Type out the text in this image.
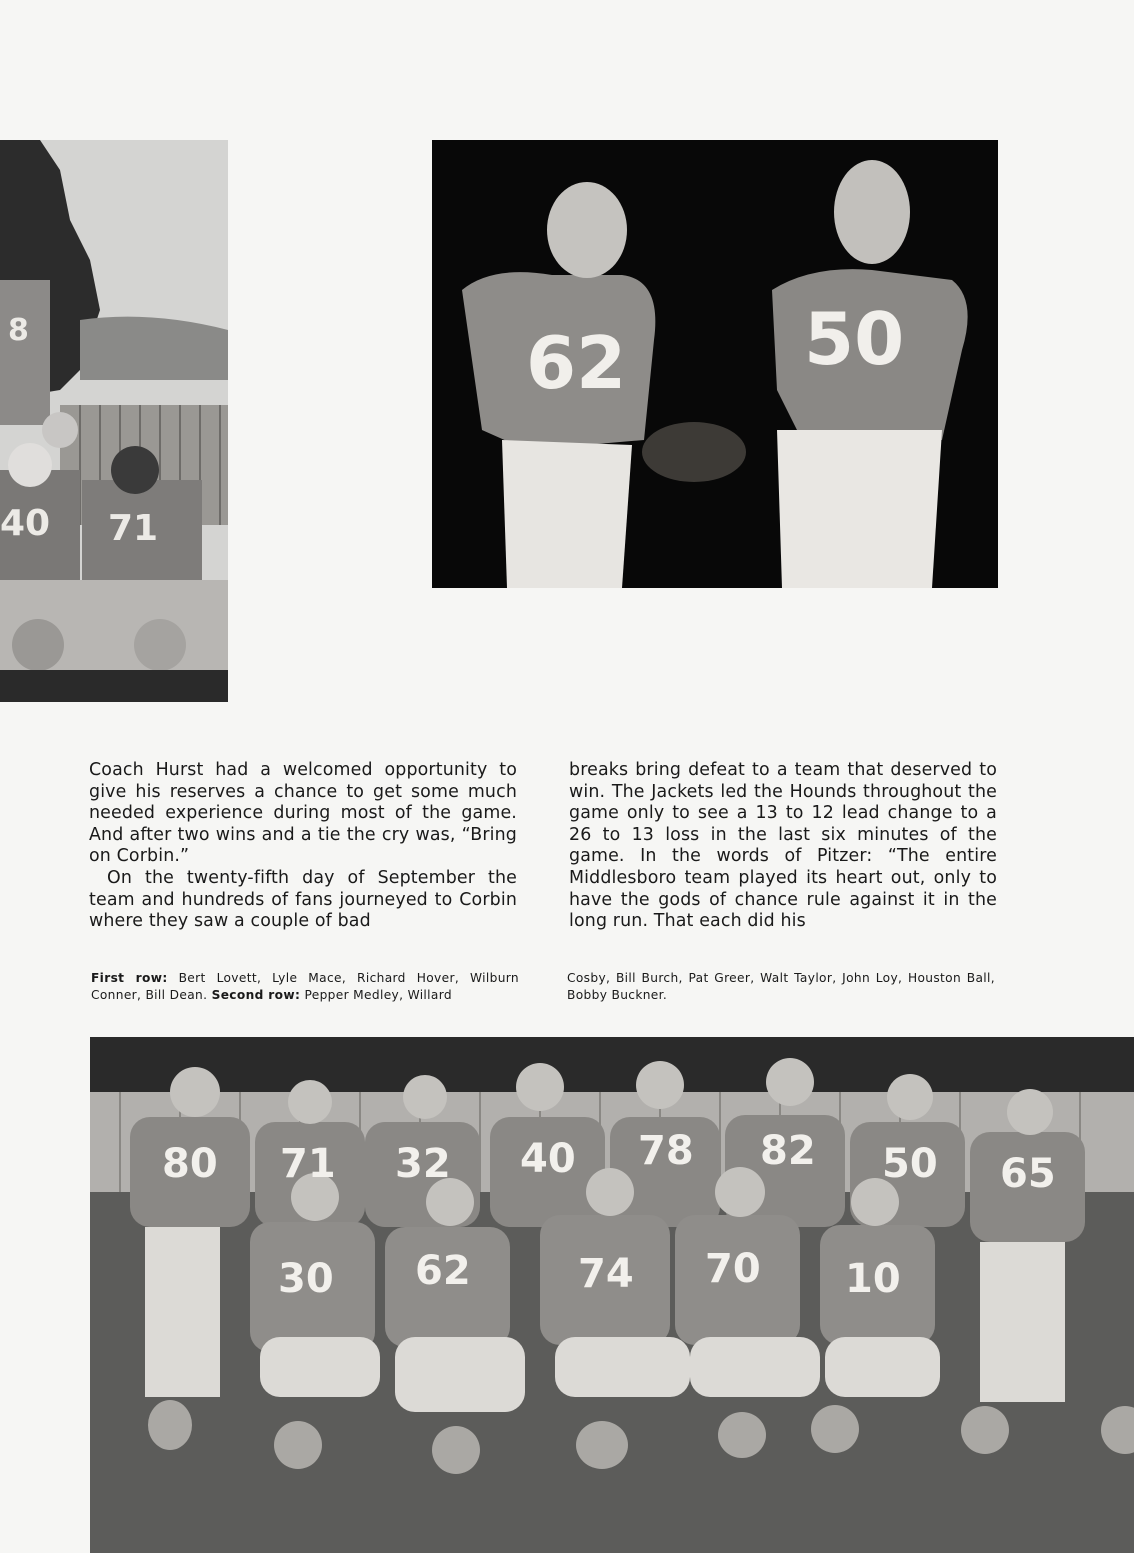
8
40 71
62 50

Coach Hurst had a welcomed opportunity to give his reserves a chance to get some much needed experience during most of the game. And after two wins and a tie the cry was, “Bring on Corbin.”

On the twenty-fifth day of September the team and hundreds of fans journeyed to Corbin where they saw a couple of bad

breaks bring defeat to a team that deserved to win. The Jackets led the Hounds throughout the game only to see a 13 to 12 lead change to a 26 to 13 loss in the last six minutes of the game. In the words of Pitzer: “The entire Middlesboro team played its heart out, only to have the gods of chance rule against it in the long run. That each did his

First row: Bert Lovett, Lyle Mace, Richard Hover, Wilburn Conner, Bill Dean. Second row: Pepper Medley, Willard

Cosby, Bill Burch, Pat Greer, Walt Taylor, John Loy, Houston Ball, Bobby Buckner.

80 71 32 40 78 82 50 65
30 62	74 70 10
